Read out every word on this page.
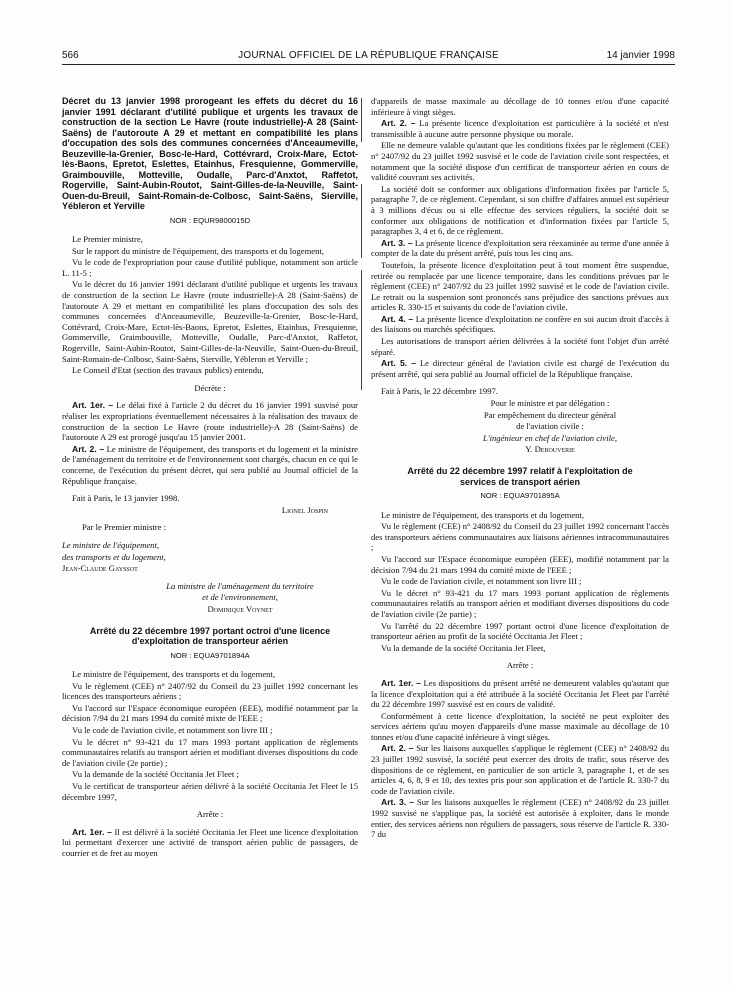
566	JOURNAL OFFICIEL DE LA RÉPUBLIQUE FRANÇAISE	14 janvier 1998
Décret du 13 janvier 1998 prorogeant les effets du décret du 16 janvier 1991 déclarant d'utilité publique et urgents les travaux de construction de la section Le Havre (route industrielle)-A 28 (Saint-Saëns) de l'autoroute A 29 et mettant en compatibilité les plans d'occupation des sols des communes concernées d'Anceaumeville, Beuzeville-la-Grenier, Bosc-le-Hard, Cottévrard, Croix-Mare, Ectot-lès-Baons, Epretot, Eslettes, Etainhus, Fresquienne, Gommerville, Graimbouville, Motteville, Oudalle, Parc-d'Anxtot, Raffetot, Rogerville, Saint-Aubin-Routot, Saint-Gilles-de-la-Neuville, Saint-Ouen-du-Breuil, Saint-Romain-de-Colbosc, Saint-Saëns, Sierville, Yébleron et Yerville
NOR : EQUR9800015D

Le Premier ministre,

Sur le rapport du ministre de l'équipement, des transports et du logement,

Vu le code de l'expropriation pour cause d'utilité publique, notamment son article L. 11-5 ;

Vu le décret du 16 janvier 1991 déclarant d'utilité publique et urgents les travaux de construction de la section Le Havre (route industrielle)-A 28 (Saint-Saëns) de l'autoroute A 29 et mettant en compatibilité les plans d'occupation des sols des communes concernées d'Anceaumeville, Beuzeville-la-Grenier, Bosc-le-Hard, Cottévrard, Croix-Mare, Ectot-lès-Baons, Epretot, Eslettes, Etainhus, Fresquienne, Gommerville, Graimbouville, Motteville, Oudalle, Parc-d'Anxtot, Raffetot, Rogerville, Saint-Aubin-Routot, Saint-Gilles-de-la-Neuville, Saint-Ouen-du-Breuil, Saint-Romain-de-Colbosc, Saint-Saëns, Sierville, Yébleron et Yerville ;

Le Conseil d'Etat (section des travaux publics) entendu,

Décrète :

Art. 1er. – Le délai fixé à l'article 2 du décret du 16 janvier 1991 susvisé pour réaliser les expropriations éventuellement nécessaires à la réalisation des travaux de construction de la section Le Havre (route industrielle)-A 28 (Saint-Saëns) de l'autoroute A 29 est prorogé jusqu'au 15 janvier 2001.

Art. 2. – Le ministre de l'équipement, des transports et du logement et la ministre de l'aménagement du territoire et de l'environnement sont chargés, chacun en ce qui le concerne, de l'exécution du présent décret, qui sera publié au Journal officiel de la République française.

Fait à Paris, le 13 janvier 1998.

Lionel Jospin

Par le Premier ministre :

Le ministre de l'équipement,

des transports et du logement,

Jean-Claude Gayssot

La ministre de l'aménagement du territoire

et de l'environnement,

Dominique Voynet

Arrêté du 22 décembre 1997 portant octroi d'une licence d'exploitation de transporteur aérien
NOR : EQUA9701894A

Le ministre de l'équipement, des transports et du logement,

Vu le règlement (CEE) n° 2407/92 du Conseil du 23 juillet 1992 concernant les licences des transporteurs aériens ;

Vu l'accord sur l'Espace économique européen (EEE), modifié notamment par la décision 7/94 du 21 mars 1994 du comité mixte de l'EEE ;

Vu le code de l'aviation civile, et notamment son livre III ;

Vu le décret n° 93-421 du 17 mars 1993 portant application de règlements communautaires relatifs au transport aérien et modifiant diverses dispositions du code de l'aviation civile (2e partie) ;

Vu la demande de la société Occitania Jet Fleet ;

Vu le certificat de transporteur aérien délivré à la société Occitania Jet Fleet le 15 décembre 1997,

Arrête :

Art. 1er. – Il est délivré à la société Occitania Jet Fleet une licence d'exploitation lui permettant d'exercer une activité de transport aérien public de passagers, de courrier et de fret au moyen

d'appareils de masse maximale au décollage de 10 tonnes et/ou d'une capacité inférieure à vingt sièges.

Art. 2. – La présente licence d'exploitation est particulière à la société et n'est transmissible à aucune autre personne physique ou morale.

Elle ne demeure valable qu'autant que les conditions fixées par le règlement (CEE) n° 2407/92 du 23 juillet 1992 susvisé et le code de l'aviation civile sont respectées, et notamment que la société dispose d'un certificat de transporteur aérien en cours de validité couvrant ses activités.

La société doit se conformer aux obligations d'information fixées par l'article 5, paragraphe 7, de ce règlement. Cependant, si son chiffre d'affaires annuel est supérieur à 3 millions d'écus ou si elle effectue des services réguliers, la société doit se conformer aux obligations de notification et d'information fixées par l'article 5, paragraphes 3, 4 et 6, de ce règlement.

Art. 3. – La présente licence d'exploitation sera réexaminée au terme d'une année à compter de la date du présent arrêté, puis tous les cinq ans.

Toutefois, la présente licence d'exploitation peut à tout moment être suspendue, retirée ou remplacée par une licence temporaire, dans les conditions prévues par le règlement (CEE) n° 2407/92 du 23 juillet 1992 susvisé et le code de l'aviation civile. Le retrait ou la suspension sont prononcés sans préjudice des sanctions prévues aux articles R. 330-15 et suivants du code de l'aviation civile.

Art. 4. – La présente licence d'exploitation ne confère en soi aucun droit d'accès à des liaisons ou marchés spécifiques.

Les autorisations de transport aérien délivrées à la société font l'objet d'un arrêté séparé.

Art. 5. – Le directeur général de l'aviation civile est chargé de l'exécution du présent arrêté, qui sera publié au Journal officiel de la République française.

Fait à Paris, le 22 décembre 1997.

Pour le ministre et par délégation :

Par empêchement du directeur général

de l'aviation civile :

L'ingénieur en chef de l'aviation civile,

Y. Debouverie

Arrêté du 22 décembre 1997 relatif à l'exploitation de services de transport aérien
NOR : EQUA9701895A

Le ministre de l'équipement, des transports et du logement,

Vu le règlement (CEE) n° 2408/92 du Conseil du 23 juillet 1992 concernant l'accès des transporteurs aériens communautaires aux liaisons aériennes intracommunautaires ;

Vu l'accord sur l'Espace économique européen (EEE), modifié notamment par la décision 7/94 du 21 mars 1994 du comité mixte de l'EEE ;

Vu le code de l'aviation civile, et notamment son livre III ;

Vu le décret n° 93-421 du 17 mars 1993 portant application de règlements communautaires relatifs au transport aérien et modifiant diverses dispositions du code de l'aviation civile (2e partie) ;

Vu l'arrêté du 22 décembre 1997 portant octroi d'une licence d'exploitation de transporteur aérien au profit de la société Occitania Jet Fleet ;

Vu la demande de la société Occitania Jet Fleet,

Arrête :

Art. 1er. – Les dispositions du présent arrêté ne demeurent valables qu'autant que la licence d'exploitation qui a été attribuée à la société Occitania Jet Fleet par l'arrêté du 22 décembre 1997 susvisé est en cours de validité.

Conformément à cette licence d'exploitation, la société ne peut exploiter des services aériens qu'au moyen d'appareils d'une masse maximale au décollage de 10 tonnes et/ou d'une capacité inférieure à vingt sièges.

Art. 2. – Sur les liaisons auxquelles s'applique le règlement (CEE) n° 2408/92 du 23 juillet 1992 susvisé, la société peut exercer des droits de trafic, sous réserve des dispositions de ce règlement, en particulier de son article 3, paragraphe 1, et de ses articles 4, 6, 8, 9 et 10, des textes pris pour son application et de l'article R. 330-7 du code de l'aviation civile.

Art. 3. – Sur les liaisons auxquelles le règlement (CEE) n° 2408/92 du 23 juillet 1992 susvisé ne s'applique pas, la société est autorisée à exploiter, dans le monde entier, des services aériens non réguliers de passagers, sous réserve de l'article R. 330-7 du
